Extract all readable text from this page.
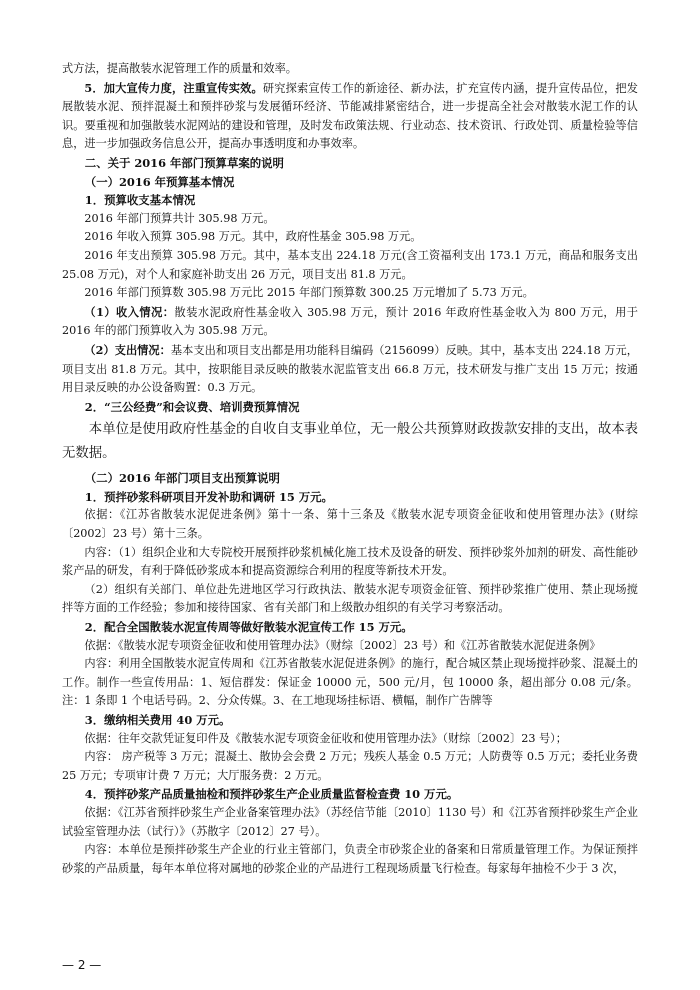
式方法，提高散装水泥管理工作的质量和效率。

5．加大宣传力度，注重宣传实效。研究探索宣传工作的新途径、新办法，扩充宣传内涵，提升宣传品位，把发展散装水泥、预拌混凝土和预拌砂浆与发展循环经济、节能减排紧密结合，进一步提高全社会对散装水泥工作的认识。要重视和加强散装水泥网站的建设和管理，及时发布政策法规、行业动态、技术资讯、行政处罚、质量检验等信息，进一步加强政务信息公开，提高办事透明度和办事效率。

二、关于 2016 年部门预算草案的说明

（一）2016 年预算基本情况

1．预算收支基本情况

2016 年部门预算共计 305.98 万元。

2016 年收入预算 305.98 万元。其中，政府性基金 305.98 万元。

2016 年支出预算 305.98 万元。其中，基本支出 224.18 万元(含工资福利支出 173.1 万元，商品和服务支出 25.08 万元)，对个人和家庭补助支出 26 万元，项目支出 81.8 万元。

2016 年部门预算数 305.98 万元比 2015 年部门预算数 300.25 万元增加了 5.73 万元。

（1）收入情况：散装水泥政府性基金收入 305.98 万元，预计 2016 年政府性基金收入为 800 万元，用于 2016 年的部门预算收入为 305.98 万元。

（2）支出情况：基本支出和项目支出都是用功能科目编码（2156099）反映。其中，基本支出 224.18 万元，项目支出 81.8 万元。其中，按职能目录反映的散装水泥监管支出 66.8 万元，技术研发与推广支出 15 万元；按通用目录反映的办公设备购置：0.3 万元。

2．“三公经费”和会议费、培训费预算情况

本单位是使用政府性基金的自收自支事业单位，无一般公共预算财政拨款安排的支出，故本表无数据。

（二）2016 年部门项目支出预算说明

1．预拌砂浆科研项目开发补助和调研 15 万元。

依据：《江苏省散装水泥促进条例》第十一条、第十三条及《散装水泥专项资金征收和使用管理办法》(财综〔2002〕23 号）第十三条。

内容：（1）组织企业和大专院校开展预拌砂浆机械化施工技术及设备的研发、预拌砂浆外加剂的研发、高性能砂浆产品的研发，有利于降低砂浆成本和提高资源综合利用的程度等新技术开发。

（2）组织有关部门、单位赴先进地区学习行政执法、散装水泥专项资金征管、预拌砂浆推广使用、禁止现场搅拌等方面的工作经验；参加和接待国家、省有关部门和上级散办组织的有关学习考察活动。

2．配合全国散装水泥宣传周等做好散装水泥宣传工作 15 万元。

依据：《散装水泥专项资金征收和使用管理办法》（财综〔2002〕23 号）和《江苏省散装水泥促进条例》

内容：利用全国散装水泥宣传周和《江苏省散装水泥促进条例》的施行，配合城区禁止现场搅拌砂浆、混凝土的工作。制作一些宣传用品：1、短信群发：保证金 10000 元，500 元/月，包 10000 条，超出部分 0.08 元/条。注：1 条即 1 个电话号码。2、分众传媒。3、在工地现场挂标语、横幅，制作广告牌等

3．缴纳相关费用 40 万元。

依据：往年交款凭证复印件及《散装水泥专项资金征收和使用管理办法》（财综〔2002〕23 号）；

内容： 房产税等 3 万元；混凝土、散协会会费 2 万元；残疾人基金 0.5 万元；人防费等 0.5 万元；委托业务费 25 万元；专项审计费 7 万元；大厅服务费：2 万元。

4．预拌砂浆产品质量抽检和预拌砂浆生产企业质量监督检查费 10 万元。

依据：《江苏省预拌砂浆生产企业备案管理办法》（苏经信节能〔2010〕1130 号）和《江苏省预拌砂浆生产企业试验室管理办法（试行）》（苏散字〔2012〕27 号）。

内容：本单位是预拌砂浆生产企业的行业主管部门，负责全市砂浆企业的备案和日常质量管理工作。为保证预拌砂浆的产品质量，每年本单位将对属地的砂浆企业的产品进行工程现场质量飞行检查。每家每年抽检不少于 3 次，

— 2 —
